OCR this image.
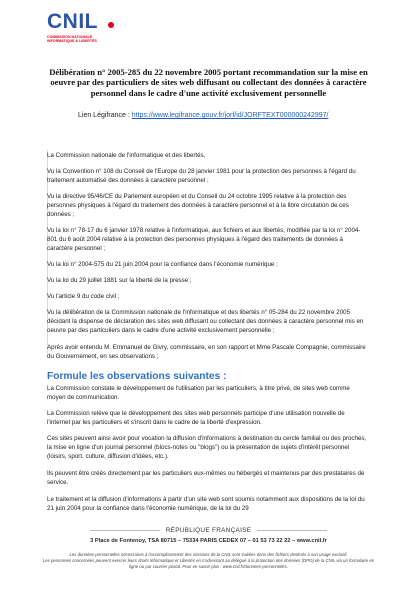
CNIL
COMMISSION NATIONALE INFORMATIQUE & LIBERTÉS
Délibération n° 2005-285 du 22 novembre 2005 portant recommandation sur la mise en oeuvre par des particuliers de sites web diffusant ou collectant des données à caractère personnel dans le cadre d'une activité exclusivement personnelle
Lien Légifrance : https://www.legifrance.gouv.fr/jorf/id/JORFTEXT000000242997/
La Commission nationale de l'informatique et des libertés,
Vu la Convention n° 108 du Conseil de l'Europe du 28 janvier 1981 pour la protection des personnes à l'égard du traitement automatisé des données à caractère personnel ;
Vu la directive 95/46/CE du Parlement européen et du Conseil du 24 octobre 1995 relative à la protection des personnes physiques à l'égard du traitement des données à caractère personnel et à la libre circulation de ces données ;
Vu la loi n° 78-17 du 6 janvier 1978 relative à l'informatique, aux fichiers et aux libertés, modifiée par la loi n° 2004-801 du 6 août 2004 relative à la protection des personnes physiques à l'égard des traitements de données à caractère personnel ;
Vu la loi n° 2004-575 du 21 juin 2004 pour la confiance dans l'économie numérique ;
Vu la loi du 29 juillet 1881 sur la liberté de la presse ;
Vu l'article 9 du code civil ;
Vu la délibération de la Commission nationale de l'informatique et des libertés n° 05-284 du 22 novembre 2005 décidant la dispense de déclaration des sites web diffusant ou collectant des données à caractère personnel mis en oeuvre par des particuliers dans le cadre d'une activité exclusivement personnelle ;
Après avoir entendu M. Emmanuel de Givry, commissaire, en son rapport et Mme Pascale Compagnie, commissaire du Gouvernement, en ses observations ;
Formule les observations suivantes :
La Commission constate le développement de l'utilisation par les particuliers, à titre privé, de sites web comme moyen de communication.
La Commission relève que le développement des sites web personnels participe d'une utilisation nouvelle de l'internet par les particuliers et s'inscrit dans le cadre de la liberté d'expression.
Ces sites peuvent ainsi avoir pour vocation la diffusion d'informations à destination du cercle familial ou des proches, la mise en ligne d'un journal personnel (blocs-notes ou "blogs") ou la présentation de sujets d'intérêt personnel (loisirs, sport, culture, diffusion d'idées, etc.).
Ils peuvent être créés directement par les particuliers eux-mêmes ou hébergés et maintenus par des prestataires de service.
Le traitement et la diffusion d'informations à partir d'un site web sont soumis notamment aux dispositions de la loi du 21 juin 2004 pour la confiance dans l'économie numérique, de la loi du 29
RÉPUBLIQUE FRANÇAISE
3 Place de Fontenoy, TSA 80715 – 75334 PARIS CEDEX 07 – 01 53 73 22 22 – www.cnil.fr
Les données personnelles nécessaires à l'accomplissement des missions de la CNIL sont traitées dans des fichiers destinés à son usage exclusif.
Les personnes concernées peuvent exercer leurs droits Informatique et Libertés en s'adressant au délégué à la protection des données (DPO) de la CNIL via un formulaire en ligne ou par courrier postal. Pour en savoir plus : www.cnil.fr/donnees-personnelles.
